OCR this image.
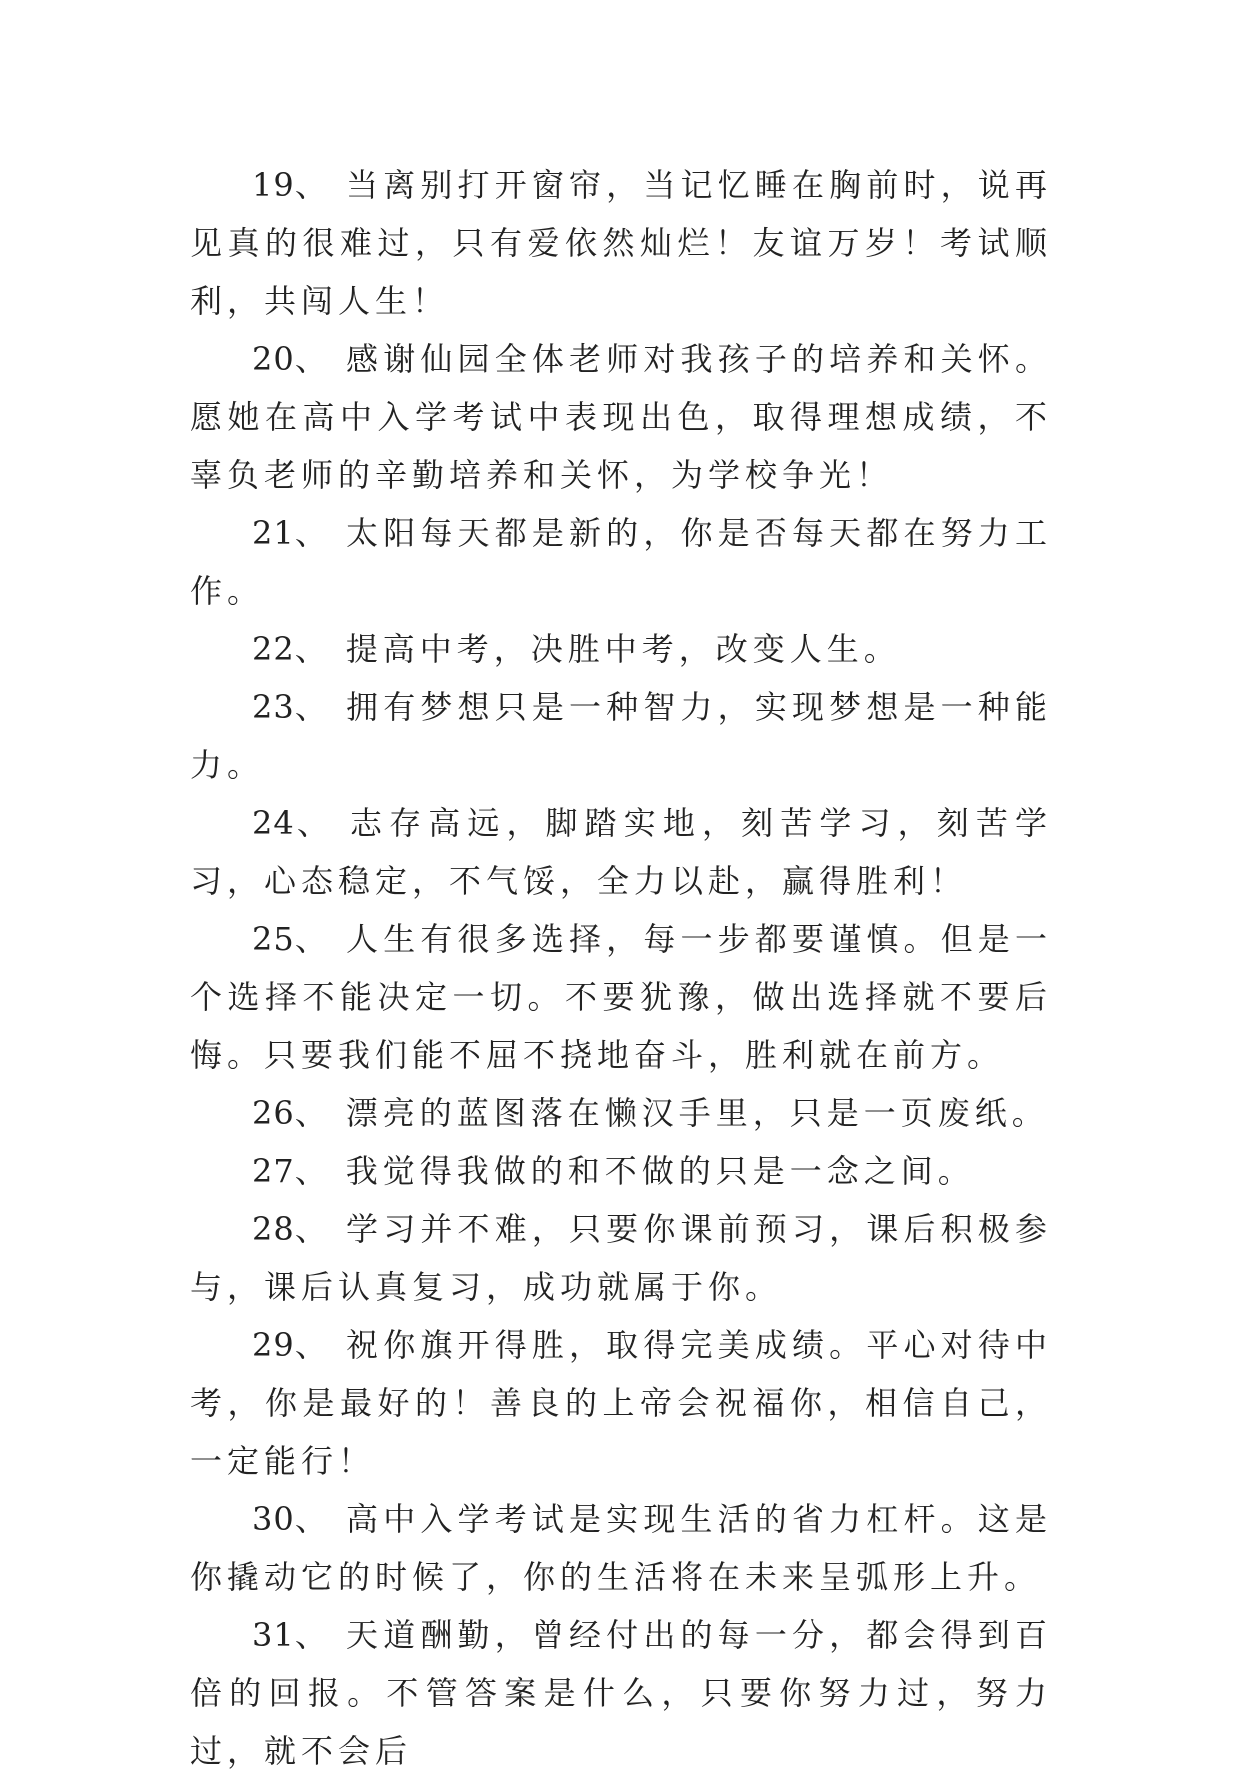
19、 当离别打开窗帘，当记忆睡在胸前时，说再见真的很难过，只有爱依然灿烂！友谊万岁！考试顺利，共闯人生！

20、 感谢仙园全体老师对我孩子的培养和关怀。愿她在高中入学考试中表现出色，取得理想成绩，不辜负老师的辛勤培养和关怀，为学校争光！

21、 太阳每天都是新的，你是否每天都在努力工作。

22、 提高中考，决胜中考，改变人生。

23、 拥有梦想只是一种智力，实现梦想是一种能力。

24、 志存高远，脚踏实地，刻苦学习，刻苦学习，心态稳定，不气馁，全力以赴，赢得胜利！

25、 人生有很多选择，每一步都要谨慎。但是一个选择不能决定一切。不要犹豫，做出选择就不要后悔。只要我们能不屈不挠地奋斗，胜利就在前方。

26、 漂亮的蓝图落在懒汉手里，只是一页废纸。

27、 我觉得我做的和不做的只是一念之间。

28、 学习并不难，只要你课前预习，课后积极参与，课后认真复习，成功就属于你。

29、 祝你旗开得胜，取得完美成绩。平心对待中考，你是最好的！善良的上帝会祝福你，相信自己，一定能行！

30、 高中入学考试是实现生活的省力杠杆。这是你撬动它的时候了，你的生活将在未来呈弧形上升。

31、 天道酬勤，曾经付出的每一分，都会得到百倍的回报。不管答案是什么，只要你努力过，努力过，就不会后
